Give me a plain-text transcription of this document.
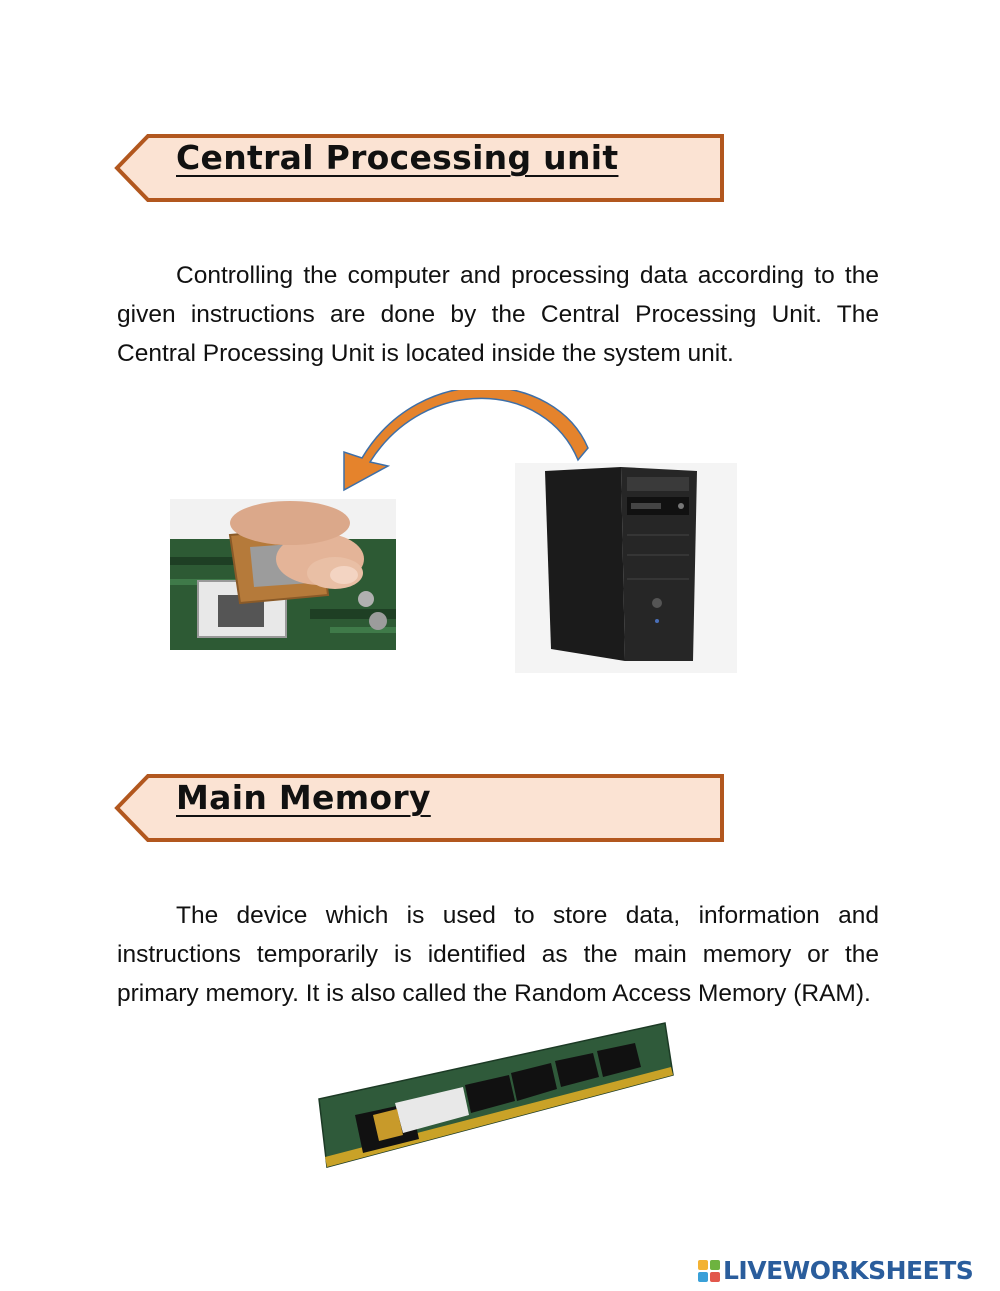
Central Processing unit

Controlling the computer and processing data according to the given instructions are done by the Central Processing Unit. The Central Processing Unit is located inside the system unit.

Main Memory

The device which is used to store data, information and instructions temporarily is identified as the main memory or the primary memory. It is also called the Random Access Memory (RAM).

LIVEWORKSHEETS
